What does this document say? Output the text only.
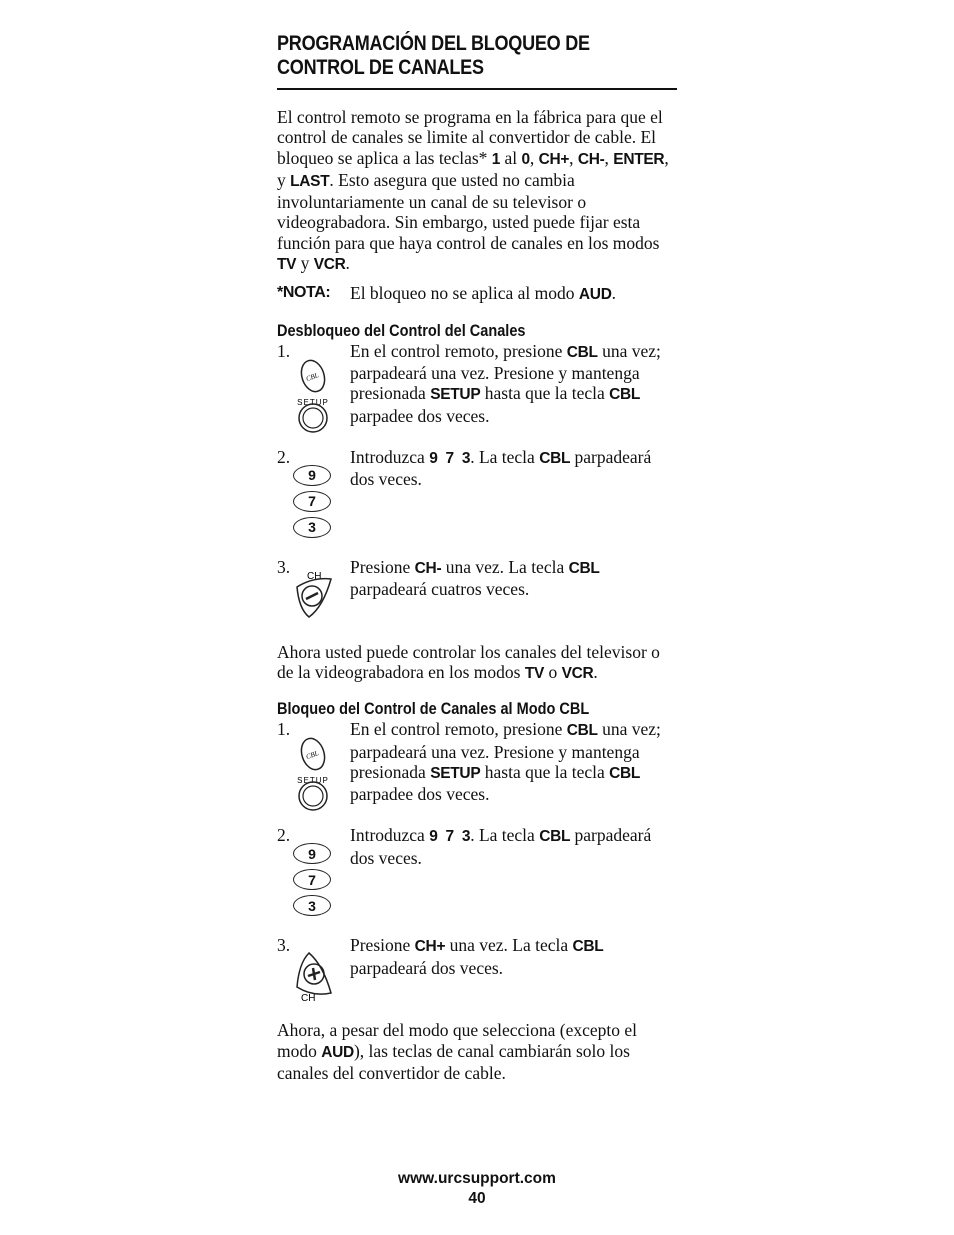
PROGRAMACIÓN DEL BLOQUEO DE CONTROL DE CANALES

El control remoto se programa en la fábrica para que el control de canales se limite al convertidor de cable. El bloqueo se aplica a las teclas* 1 al 0, CH+, CH-, ENTER, y LAST. Esto asegura que usted no cambia involuntariamente un canal de su televisor o videograbadora. Sin embargo, usted puede fijar esta función para que haya control de canales en los modos TV y VCR.

*NOTA:	El bloqueo no se aplica al modo AUD.
Desbloqueo del Control del Canales
1.
CBL
SETUP
En el control remoto, presione CBL una vez; parpadeará una vez. Presione y mantenga presionada SETUP hasta que la tecla CBL parpadee dos veces.
2.
9
7
3
Introduzca 9  7  3. La tecla CBL parpadeará dos veces.
3. CH Presione CH- una vez. La tecla CBL parpadeará cuatros veces.

Ahora usted puede controlar los canales del televisor o de la videograbadora en los modos TV o VCR.

Bloqueo del Control de Canales al Modo CBL
1.
CBL
SETUP
En el control remoto, presione CBL una vez; parpadeará una vez. Presione y mantenga presionada SETUP hasta que la tecla CBL parpadee dos veces.
2.
9
7
3
Introduzca 9  7  3. La tecla CBL parpadeará dos veces.
3.
CH
Presione CH+ una vez. La tecla CBL parpadeará dos veces.

Ahora, a pesar del modo que selecciona (excepto el modo AUD), las teclas de canal cambiarán solo los canales del convertidor de cable.

www.urcsupport.com
40
